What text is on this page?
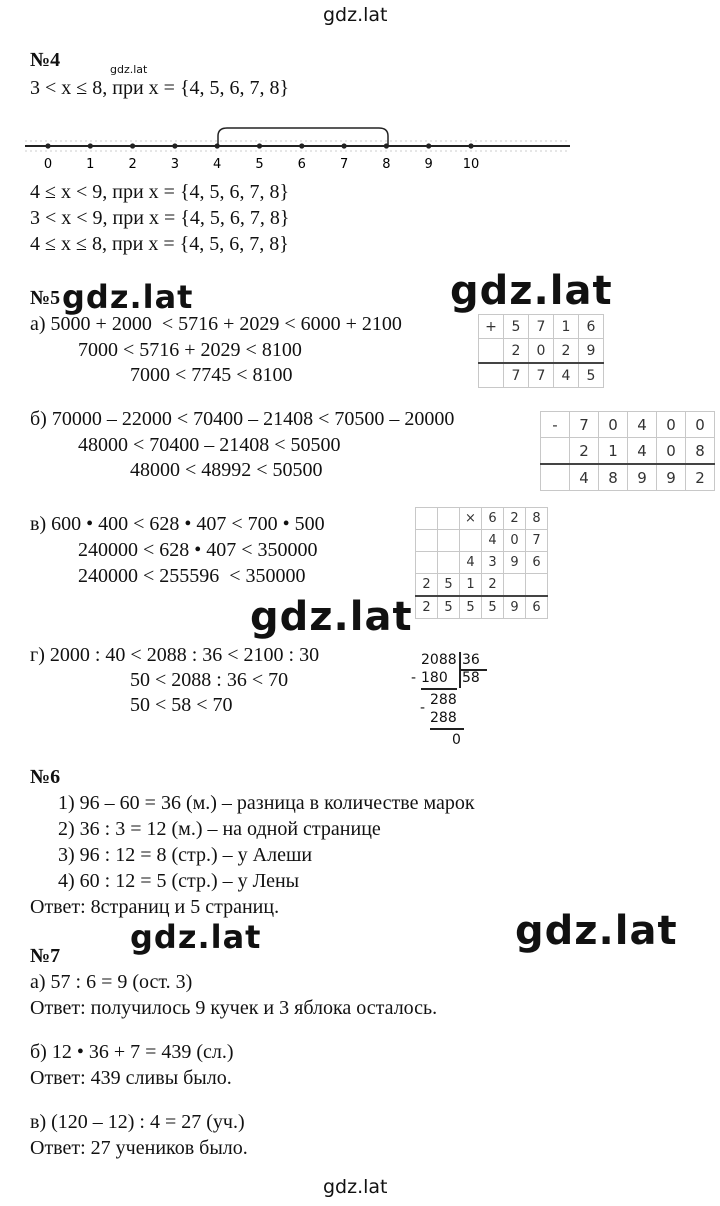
gdz.lat
gdz.lat
gdz.lat	gdz.lat
gdz.lat
gdz.lat	gdz.lat
gdz.lat
№4
3 < x ≤ 8, при x = {4, 5, 6, 7, 8}
0	1	2	3	4	5	6	7	8	9 10
4 ≤ x < 9, при x = {4, 5, 6, 7, 8}
3 < x < 9, при x = {4, 5, 6, 7, 8}
4 ≤ x ≤ 8, при x = {4, 5, 6, 7, 8}
№5
а) 5000 + 2000  < 5716 + 2029 < 6000 + 2100
7000 < 5716 + 2029 < 8100
7000 < 7745 < 8100
+	5	7	1	6
	2	0	2	9
	7	7	4	5
б) 70000 – 22000 < 70400 – 21408 < 70500 – 20000
48000 < 70400 – 21408 < 50500
48000 < 48992 < 50500
-	7	0	4	0	0
	2	1	4	0	8
	4	8	9	9	2
в) 600 • 400 < 628 • 407 < 700 • 500
240000 < 628 • 407 < 350000
240000 < 255596  < 350000
		×	6	2	8
			4	0	7
		4	3	9	6
2	5	1	2		
2	5	5	5	9	6
г) 2000 : 40 < 2088 : 36 < 2100 : 30
50 < 2088 : 36 < 70
50 < 58 < 70
2088 36
- 180 58
288
-
288
0
№6
1) 96 – 60 = 36 (м.) – разница в количестве марок
2) 36 : 3 = 12 (м.) – на одной странице
3) 96 : 12 = 8 (стр.) – у Алеши
4) 60 : 12 = 5 (стр.) – у Лены
Ответ: 8страниц и 5 страниц.
№7
а) 57 : 6 = 9 (ост. 3)
Ответ: получилось 9 кучек и 3 яблока осталось.
б) 12 • 36 + 7 = 439 (сл.)
Ответ: 439 сливы было.
в) (120 – 12) : 4 = 27 (уч.)
Ответ: 27 учеников было.
